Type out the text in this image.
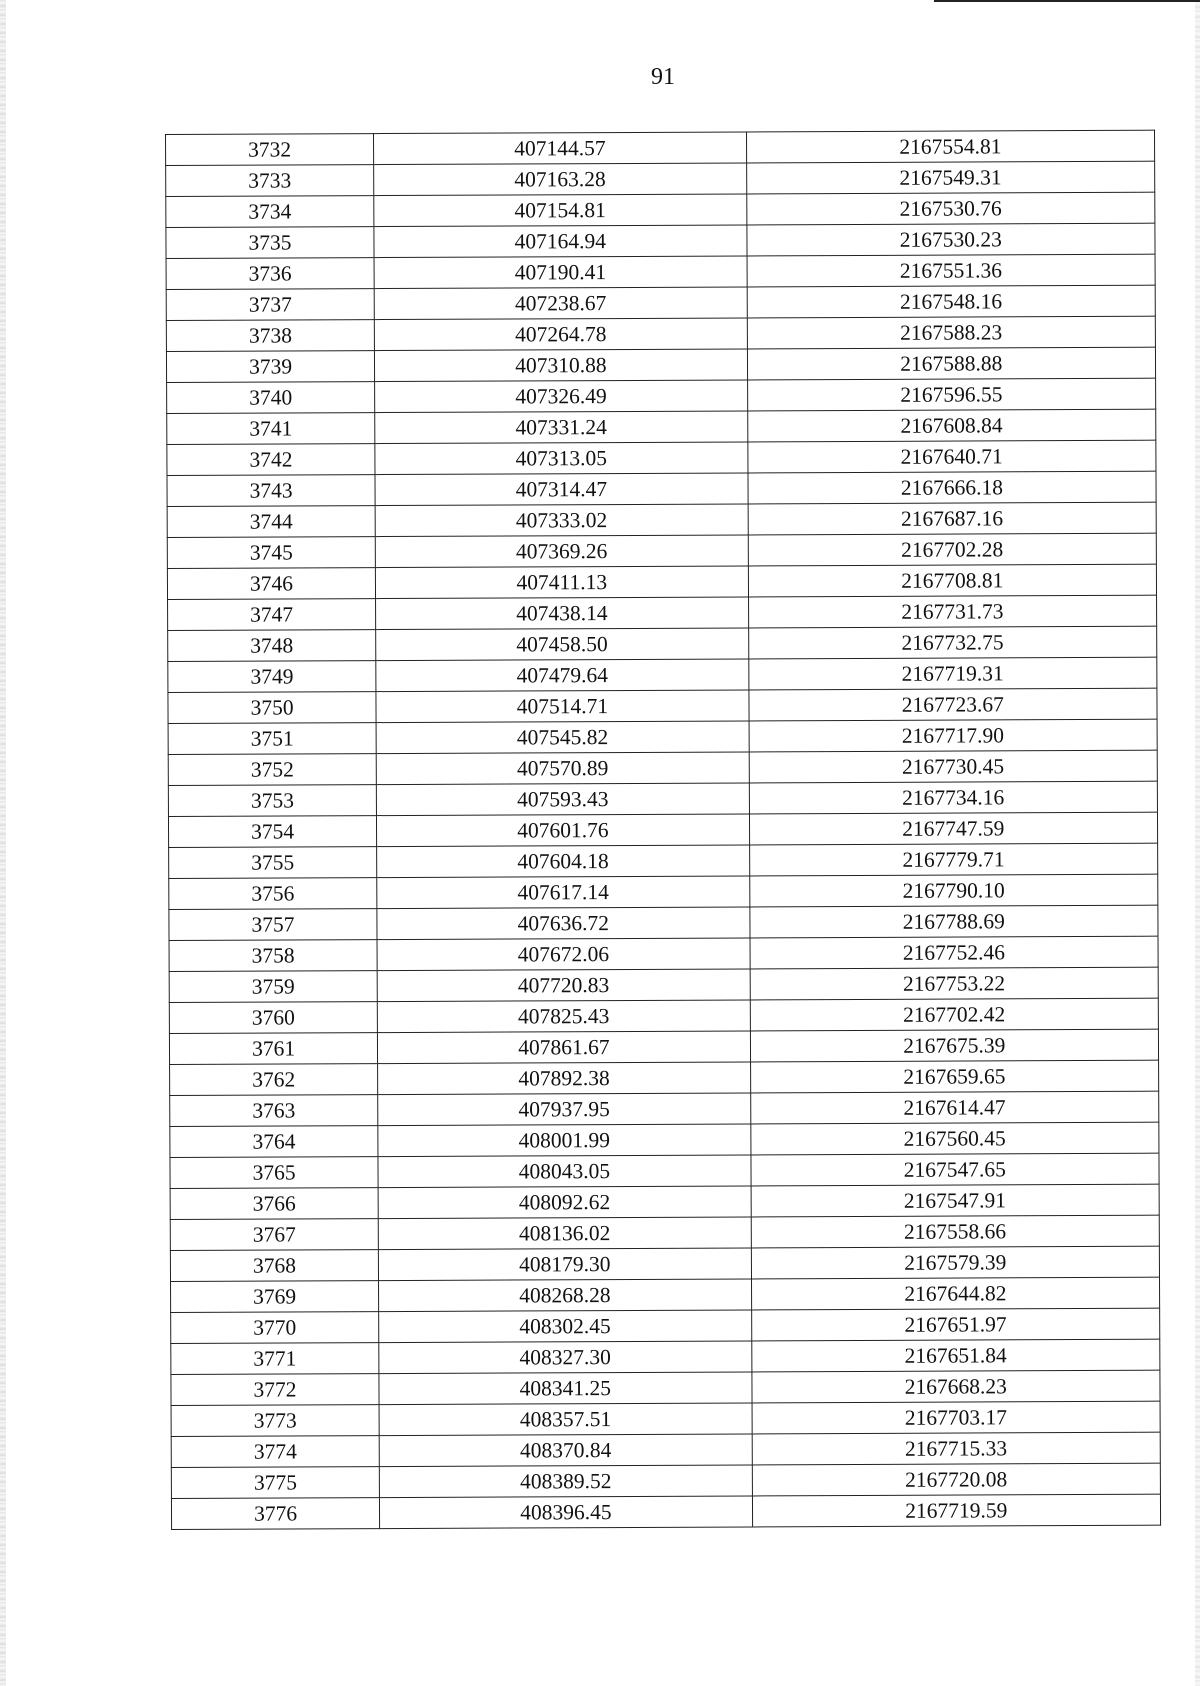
91
3732	407144.57	2167554.81
3733	407163.28	2167549.31
3734	407154.81	2167530.76
3735	407164.94	2167530.23
3736	407190.41	2167551.36
3737	407238.67	2167548.16
3738	407264.78	2167588.23
3739	407310.88	2167588.88
3740	407326.49	2167596.55
3741	407331.24	2167608.84
3742	407313.05	2167640.71
3743	407314.47	2167666.18
3744	407333.02	2167687.16
3745	407369.26	2167702.28
3746	407411.13	2167708.81
3747	407438.14	2167731.73
3748	407458.50	2167732.75
3749	407479.64	2167719.31
3750	407514.71	2167723.67
3751	407545.82	2167717.90
3752	407570.89	2167730.45
3753	407593.43	2167734.16
3754	407601.76	2167747.59
3755	407604.18	2167779.71
3756	407617.14	2167790.10
3757	407636.72	2167788.69
3758	407672.06	2167752.46
3759	407720.83	2167753.22
3760	407825.43	2167702.42
3761	407861.67	2167675.39
3762	407892.38	2167659.65
3763	407937.95	2167614.47
3764	408001.99	2167560.45
3765	408043.05	2167547.65
3766	408092.62	2167547.91
3767	408136.02	2167558.66
3768	408179.30	2167579.39
3769	408268.28	2167644.82
3770	408302.45	2167651.97
3771	408327.30	2167651.84
3772	408341.25	2167668.23
3773	408357.51	2167703.17
3774	408370.84	2167715.33
3775	408389.52	2167720.08
3776	408396.45	2167719.59
